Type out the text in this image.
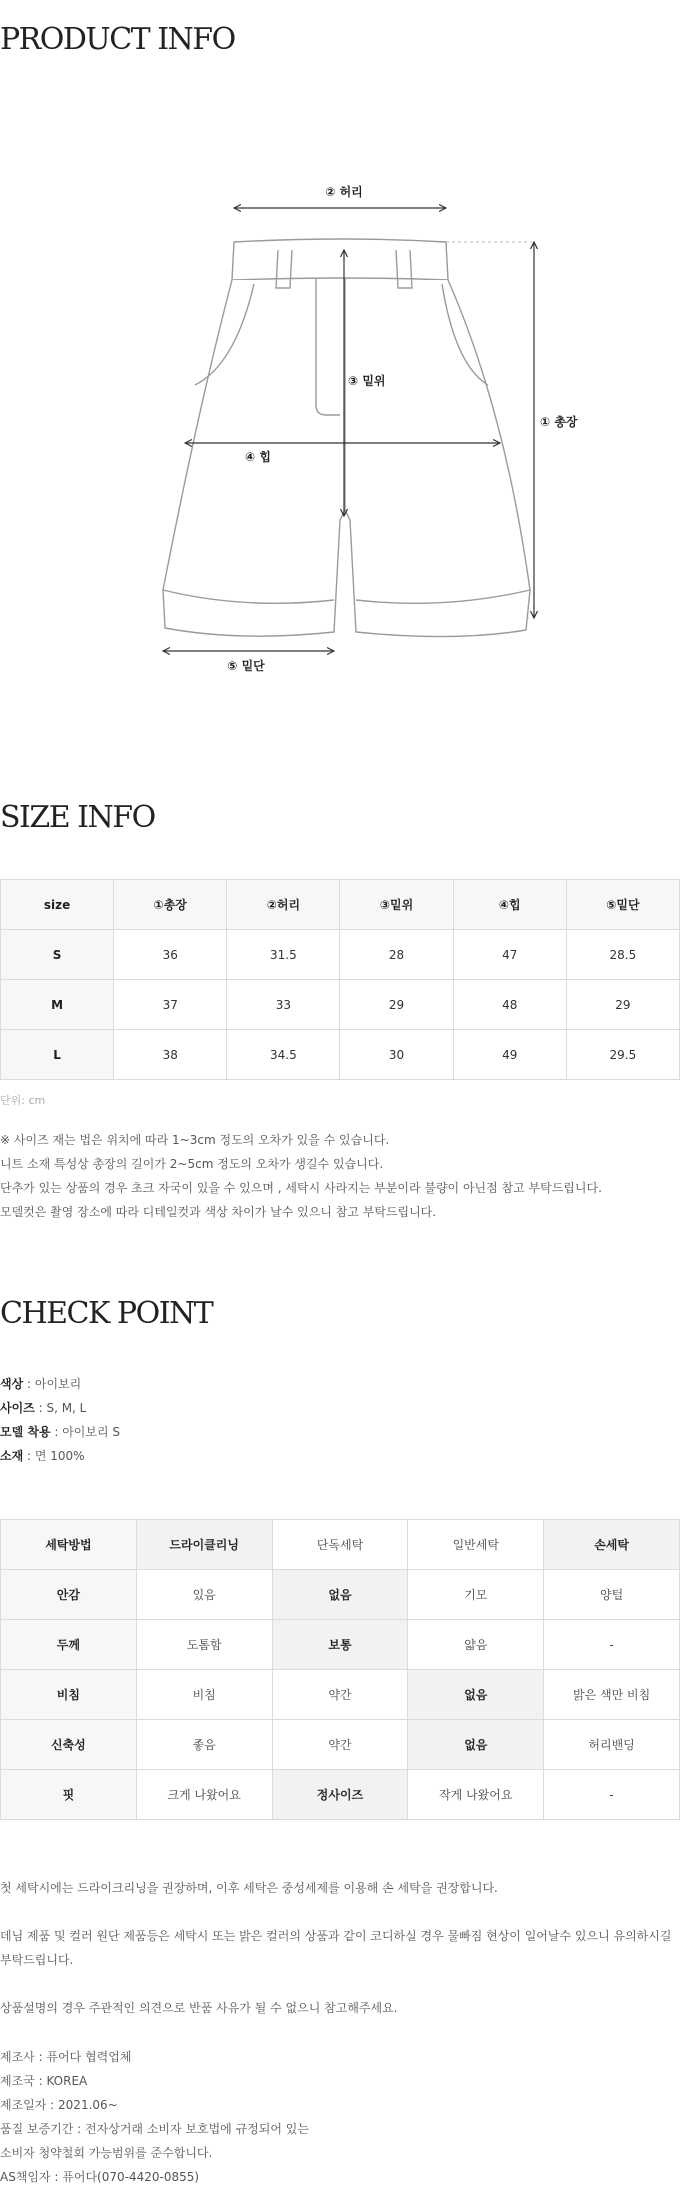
PRODUCT INFO
② 허리
③ 밑위
① 총장
④ 힙
⑤ 밑단
SIZE INFO
size	①총장	②허리	③밑위	④힙	⑤밑단
S	36	31.5	28	47	28.5
M	37	33	29	48	29
L	38	34.5	30	49	29.5
단위: cm
※ 사이즈 재는 법은 위치에 따라 1~3cm 정도의 오차가 있을 수 있습니다.
니트 소재 특성상 총장의 길이가 2~5cm 정도의 오차가 생길수 있습니다.
단추가 있는 상품의 경우 초크 자국이 있을 수 있으며 , 세탁시 사라지는 부분이라 불량이 아닌점 참고 부탁드립니다.
모델컷은 촬영 장소에 따라 디테일컷과 색상 차이가 날수 있으니 참고 부탁드립니다.
CHECK POINT
색상 : 아이보리
사이즈 : S, M, L
모델 착용 : 아이보리 S
소재 : 면 100%
세탁방법	드라이클리닝	단독세탁	일반세탁	손세탁
안감	있음	없음	기모	양털
두께	도톰함	보통	얇음	-
비침	비침	약간	없음	밝은 색만 비침
신축성	좋음	약간	없음	허리밴딩
핏	크게 나왔어요	정사이즈	작게 나왔어요	-

첫 세탁시에는 드라이크리닝을 권장하며, 이후 세탁은 중성세제를 이용해 손 세탁을 권장합니다.

데님 제품 및 컬러 원단 제품등은 세탁시 또는 밝은 컬러의 상품과 같이 코디하실 경우 물빠짐 현상이 일어날수 있으니 유의하시길 부탁드립니다.

상품설명의 경우 주관적인 의견으로 반품 사유가 될 수 없으니 참고해주세요.

제조사 : 퓨어다 협력업체
제조국 : KOREA
제조일자 : 2021.06~
품질 보증기간 : 전자상거래 소비자 보호법에 규정되어 있는
소비자 청약철회 가능범위를 준수합니다.
AS책임자 : 퓨어다(070-4420-0855)
